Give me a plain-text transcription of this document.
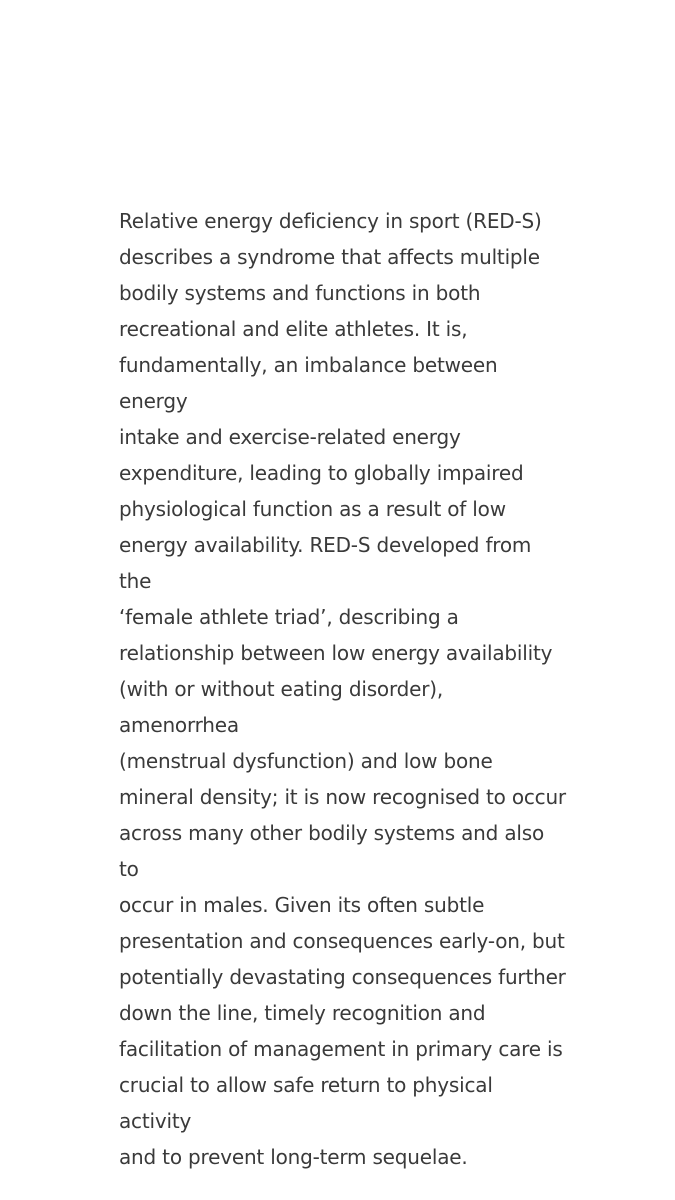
Relative energy deficiency in sport (RED-S)
describes a syndrome that affects multiple
bodily systems and functions in both
recreational and elite athletes. It is,
fundamentally, an imbalance between energy
intake and exercise-related energy
expenditure, leading to globally impaired
physiological function as a result of low
energy availability. RED-S developed from the
‘female athlete triad’, describing a
relationship between low energy availability
(with or without eating disorder), amenorrhea
(menstrual dysfunction) and low bone
mineral density; it is now recognised to occur
across many other bodily systems and also to
occur in males. Given its often subtle
presentation and consequences early-on, but
potentially devastating consequences further
down the line, timely recognition and
facilitation of management in primary care is
crucial to allow safe return to physical activity
and to prevent long-term sequelae.
